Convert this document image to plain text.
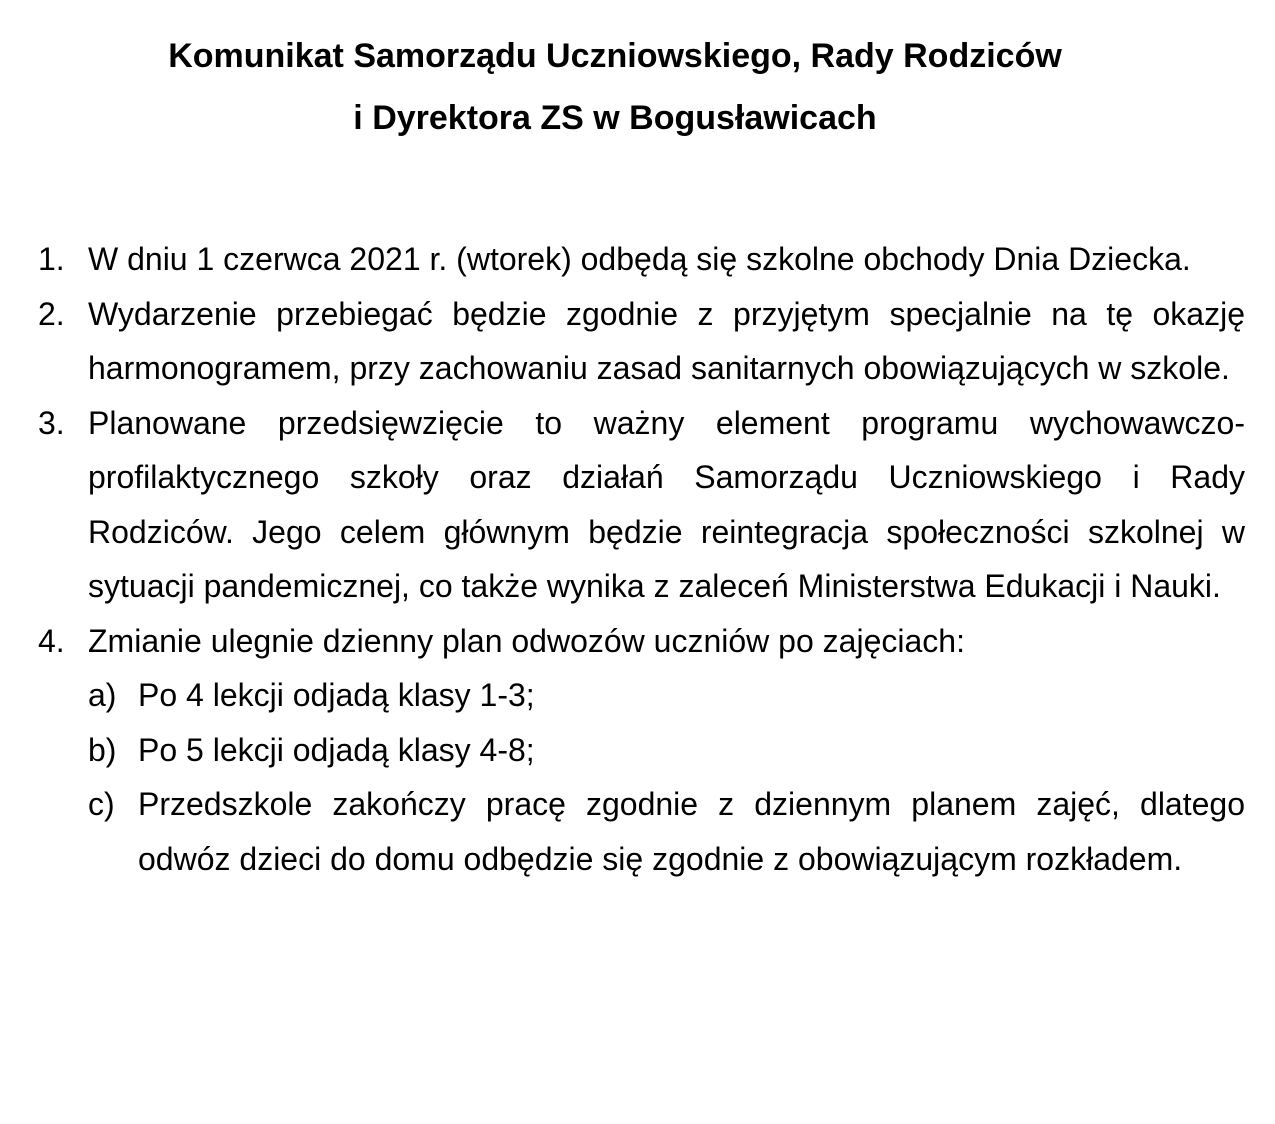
Komunikat Samorządu Uczniowskiego, Rady Rodziców
i Dyrektora ZS w Bogusławicach
1. W dniu 1 czerwca 2021 r. (wtorek) odbędą się szkolne obchody Dnia Dziecka.
2. Wydarzenie przebiegać będzie zgodnie z przyjętym specjalnie na tę okazję harmonogramem, przy zachowaniu zasad sanitarnych obowiązujących w szkole.
3. Planowane przedsięwzięcie to ważny element programu wychowawczo-profilaktycznego szkoły oraz działań Samorządu Uczniowskiego i Rady Rodziców. Jego celem głównym będzie reintegracja społeczności szkolnej w sytuacji pandemicznej, co także wynika z zaleceń Ministerstwa Edukacji i Nauki.
4. Zmianie ulegnie dzienny plan odwozów uczniów po zajęciach:
a) Po 4 lekcji odjadą klasy 1-3;
b) Po 5 lekcji odjadą klasy 4-8;
c) Przedszkole zakończy pracę zgodnie z dziennym planem zajęć, dlatego odwóz dzieci do domu odbędzie się zgodnie z obowiązującym rozkładem.
